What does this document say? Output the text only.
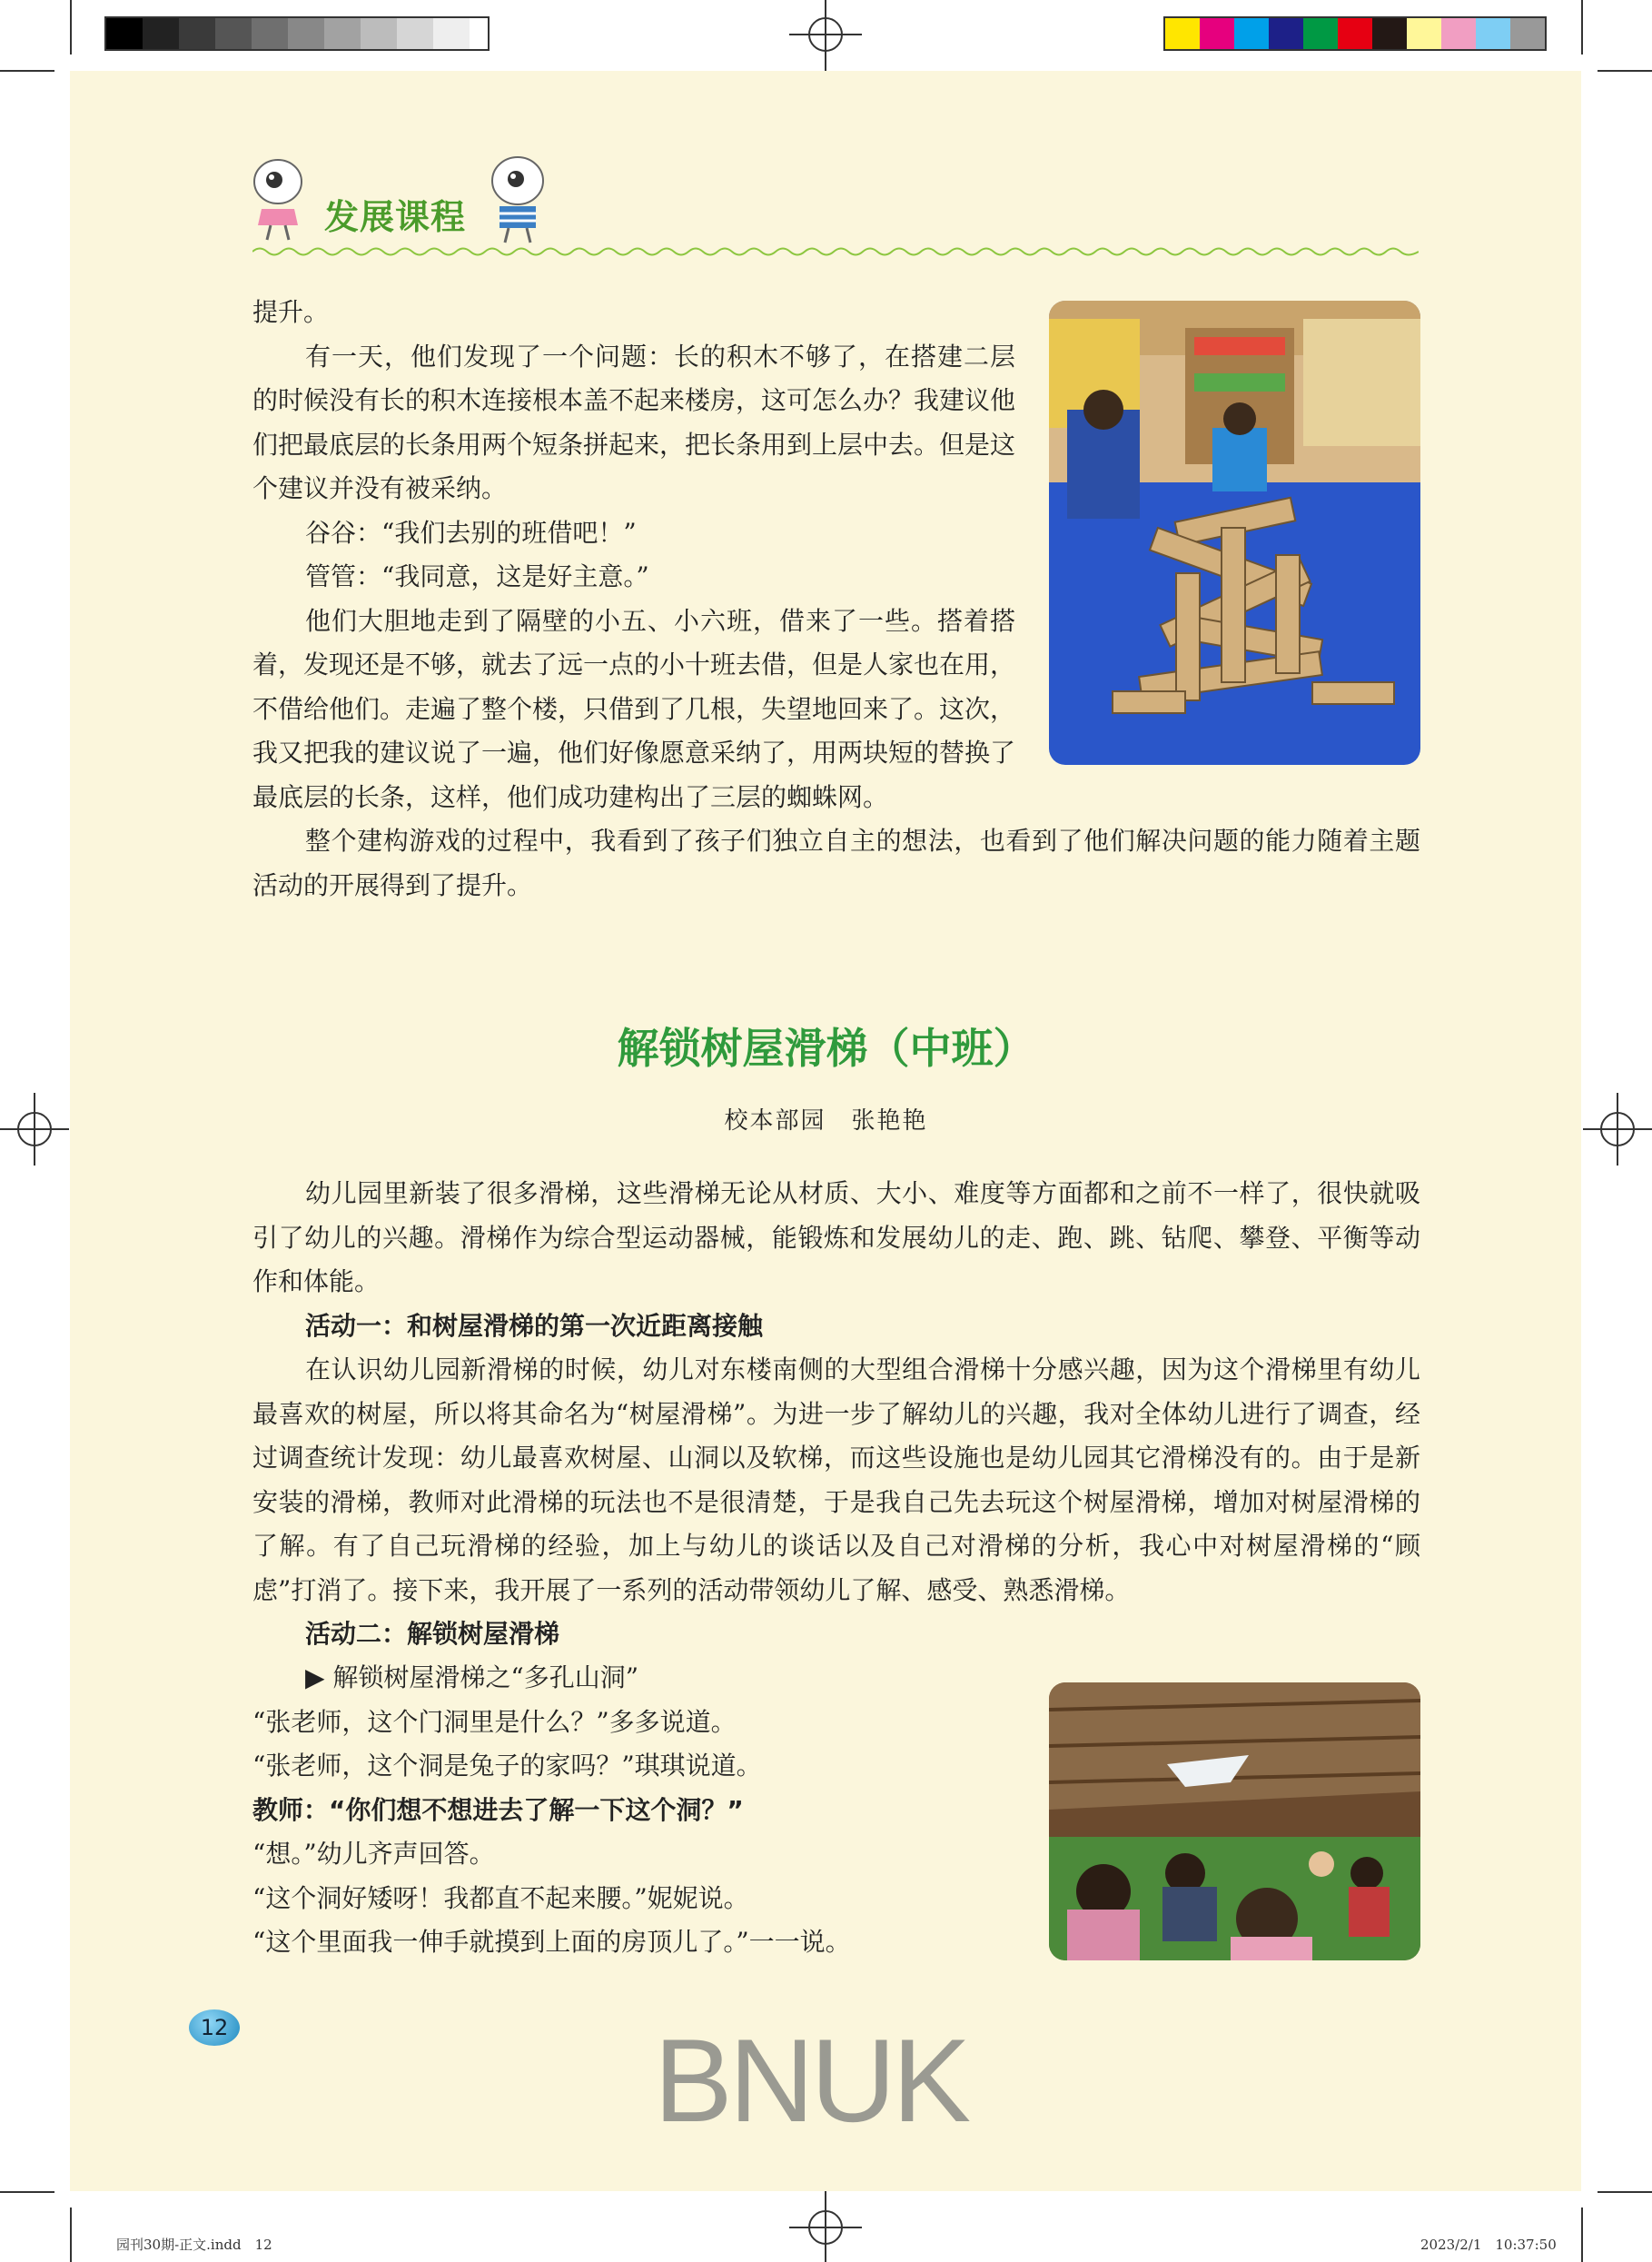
发展课程

提升。

有一天，他们发现了一个问题：长的积木不够了，在搭建二层的时候没有长的积木连接根本盖不起来楼房，这可怎么办？我建议他们把最底层的长条用两个短条拼起来，把长条用到上层中去。但是这个建议并没有被采纳。

谷谷：“我们去别的班借吧！”

管管：“我同意，这是好主意。”

他们大胆地走到了隔壁的小五、小六班，借来了一些。搭着搭着，发现还是不够，就去了远一点的小十班去借，但是人家也在用，不借给他们。走遍了整个楼，只借到了几根，失望地回来了。这次，我又把我的建议说了一遍，他们好像愿意采纳了，用两块短的替换了最底层的长条，这样，他们成功建构出了三层的蜘蛛网。

整个建构游戏的过程中，我看到了孩子们独立自主的想法，也看到了他们解决问题的能力随着主题活动的开展得到了提升。
解锁树屋滑梯（中班）
校本部园　张艳艳

幼儿园里新装了很多滑梯，这些滑梯无论从材质、大小、难度等方面都和之前不一样了，很快就吸引了幼儿的兴趣。滑梯作为综合型运动器械，能锻炼和发展幼儿的走、跑、跳、钻爬、攀登、平衡等动作和体能。

活动一：和树屋滑梯的第一次近距离接触

在认识幼儿园新滑梯的时候，幼儿对东楼南侧的大型组合滑梯十分感兴趣，因为这个滑梯里有幼儿最喜欢的树屋，所以将其命名为“树屋滑梯”。为进一步了解幼儿的兴趣，我对全体幼儿进行了调查，经过调查统计发现：幼儿最喜欢树屋、山洞以及软梯，而这些设施也是幼儿园其它滑梯没有的。由于是新安装的滑梯，教师对此滑梯的玩法也不是很清楚，于是我自己先去玩这个树屋滑梯，增加对树屋滑梯的了解。有了自己玩滑梯的经验，加上与幼儿的谈话以及自己对滑梯的分析，我心中对树屋滑梯的“顾虑”打消了。接下来，我开展了一系列的活动带领幼儿了解、感受、熟悉滑梯。

活动二：解锁树屋滑梯

▶ 解锁树屋滑梯之“多孔山洞”

“张老师，这个门洞里是什么？”多多说道。

“张老师，这个洞是兔子的家吗？”琪琪说道。

教师：“你们想不想进去了解一下这个洞？”

“想。”幼儿齐声回答。

“这个洞好矮呀！我都直不起来腰。”妮妮说。

“这个里面我一伸手就摸到上面的房顶儿了。”一一说。

12	BNUK
园刊30期-正文.indd　12	2023/2/1　10:37:50
